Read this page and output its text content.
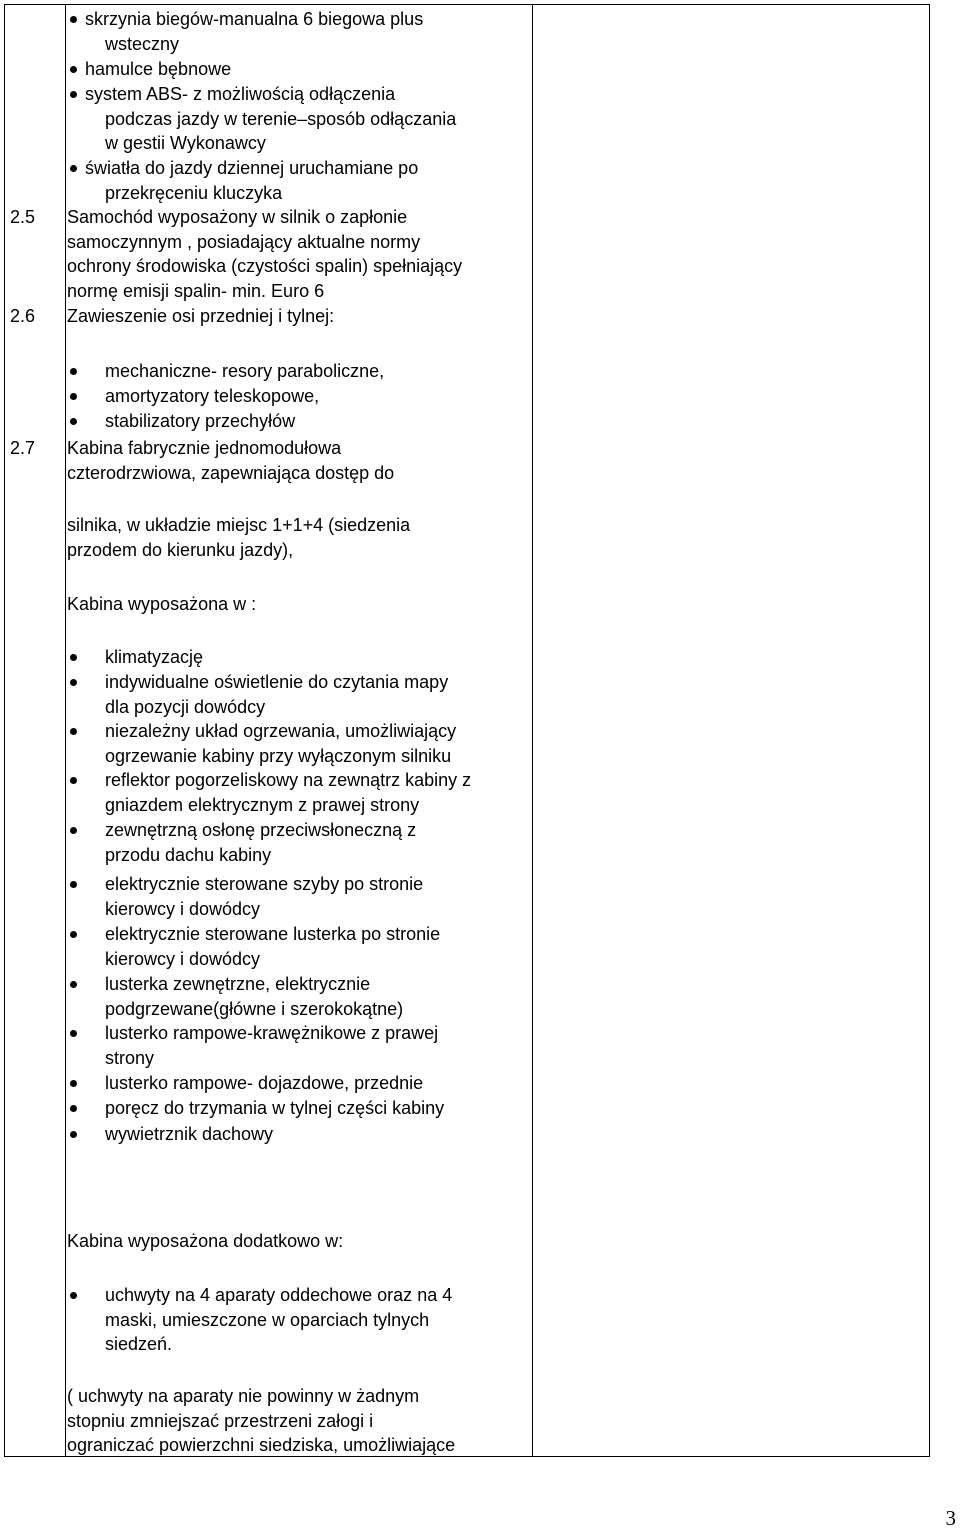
skrzynia biegów-manualna 6 biegowa plus
wsteczny
hamulce bębnowe
system ABS- z możliwością odłączenia
podczas jazdy w terenie–sposób odłączania
w gestii Wykonawcy
światła do jazdy dziennej uruchamiane po
przekręceniu kluczyka
2.5 Samochód wyposażony w silnik o zapłonie
samoczynnym , posiadający aktualne normy
ochrony środowiska (czystości spalin) spełniający
normę emisji spalin- min. Euro 6
2.6 Zawieszenie osi przedniej i tylnej:
mechaniczne- resory paraboliczne,
amortyzatory teleskopowe,
stabilizatory przechyłów
2.7 Kabina fabrycznie jednomodułowa
czterodrzwiowa, zapewniająca dostęp do
silnika, w układzie miejsc 1+1+4 (siedzenia
przodem do kierunku jazdy),
Kabina wyposażona w :
klimatyzację
indywidualne oświetlenie do czytania mapy
dla pozycji dowódcy
niezależny układ ogrzewania, umożliwiający
ogrzewanie kabiny przy wyłączonym silniku
reflektor pogorzeliskowy na zewnątrz kabiny z
gniazdem elektrycznym z prawej strony
zewnętrzną osłonę przeciwsłoneczną z
przodu dachu kabiny
elektrycznie sterowane szyby po stronie
kierowcy i dowódcy
elektrycznie sterowane lusterka po stronie
kierowcy i dowódcy
lusterka zewnętrzne, elektrycznie
podgrzewane(główne i szerokokątne)
lusterko rampowe-krawężnikowe z prawej
strony
lusterko rampowe- dojazdowe, przednie
poręcz do trzymania w tylnej części kabiny
wywietrznik dachowy
Kabina wyposażona dodatkowo w:
uchwyty na 4 aparaty oddechowe oraz na 4
maski, umieszczone w oparciach tylnych
siedzeń.
( uchwyty na aparaty nie powinny w żadnym
stopniu zmniejszać przestrzeni załogi i
ograniczać powierzchni siedziska, umożliwiające
3
